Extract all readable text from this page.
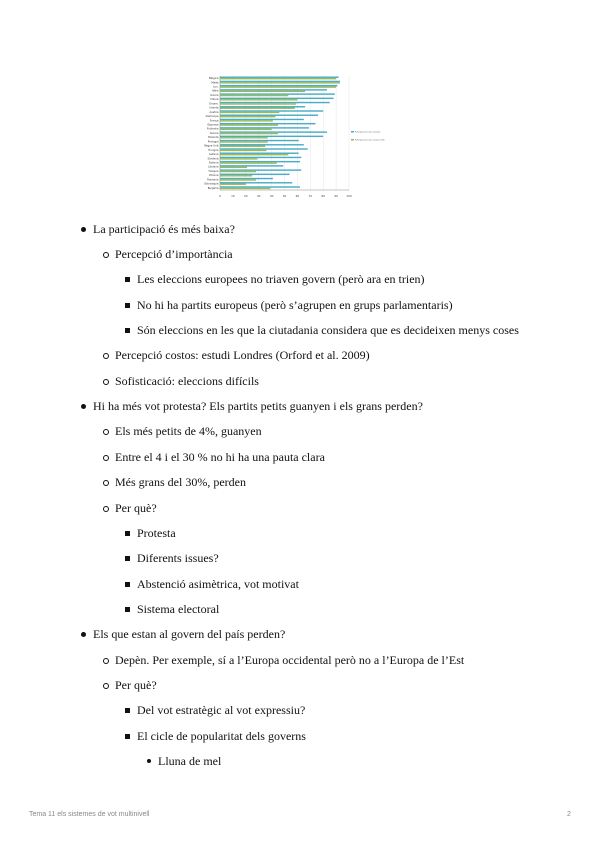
0	10	20	30	40	50	60	70	80	90	100
Bèlgica
Malta
Lux.
Itàlia
Grècia
Chipre
Dinam.
Irlanda
Àustria
Alemanya
França
Espanya
Finlàndia
Suècia
Holanda
Portugal
Regne Unit
Hongria
Letònia
Slovènia
Estònia
Lituània
Txèquia
Polònia
Romania
Eslovàquia
Bulgària
Participació eleccions nacionals
Participació eleccions europees 2009
La participació és més baixa?
Percepció d’importància
Les eleccions europees no triaven govern (però ara en trien)
No hi ha partits europeus (però s’agrupen en grups parlamentaris)
Són eleccions en les que la ciutadania considera que es decideixen menys coses
Percepció costos: estudi Londres (Orford et al. 2009)
Sofisticació: eleccions difícils
Hi ha més vot protesta? Els partits petits guanyen i els grans perden?
Els més petits de 4%, guanyen
Entre el 4 i el 30 % no hi ha una pauta clara
Més grans del 30%, perden
Per què?
Protesta
Diferents issues?
Abstenció asimètrica, vot motivat
Sistema electoral
Els que estan al govern del país perden?
Depèn. Per exemple, sí a l’Europa occidental però no a l’Europa de l’Est
Per què?
Del vot estratègic al vot expressiu?
El cicle de popularitat dels governs
Lluna de mel
Tema 11 els sistemes de vot multinivell	2
